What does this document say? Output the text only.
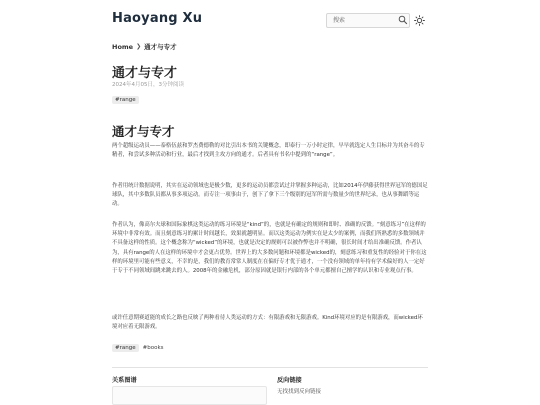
Haoyang Xu
搜索
Home ❯ 通才与专才
通才与专才
2024年4月05日，3分钟阅读
#range
通才与专才

两个超级运动员——泰格伍兹和罗杰费德勒的对比引出本书的关键概念，即泰行一万小时定律，早早就选定人生目标并为其奋斗的专精者，和尝试多种活动和行业，最后才找到主攻方向的通才。后者具有书名中提到的“range”。

作者用统计数据说明，其实在运动领域也是极少数，更多的运动员都尝试过并掌握多种运动，比如2014年伊藤获得世界冠军的德国足球队，其中多数队员都从事多项运动。而专注一项事由于，创下了拿下三个级别的冠军所需与数量少的世界纪录，也从事舞蹈等运动。

作者认为，像高尔夫球和国际象棋这类运动的练习环境是“kind”的，也就是有确定的规则和即时、准确的反馈。“刻意练习”在这样的环境中非常有效。而且刻意练习的累计时间越长，效果就越明显。而以这类运动为例实在是太少的案例，而我们所熟悉的多数领域并不具备这样的性质。这个概念称为“wicked”的环境，也就是决定的规则可以被作弊也并不明确，很长时间才给出准确反馈。作者认为，具有range的人在这样的环境中才会更占优势。世界上的大多数问题和环境都是wicked的，刻意练习和重复性的经验对于你在这样的环境里可能有些意义，不幸的是，我们的教育常常人制度在在偏好专才优于通才，一个没有领域的单年持有学术偏好的人一定好于专于不同领域间跳来跳去的人。2008年的金融危机，部分原因就是银行内部的各个单元都擅自己擅学的认识和专业观点行事。

或许任意期赛道能的成长之路也反映了两种看待人类运动的方式：有限游戏和无限游戏。Kind环境对应的是有限游戏，而wicked环境对应着无限游戏。

#range	#books
关系图谱	反向链接
无找找到反向链接
